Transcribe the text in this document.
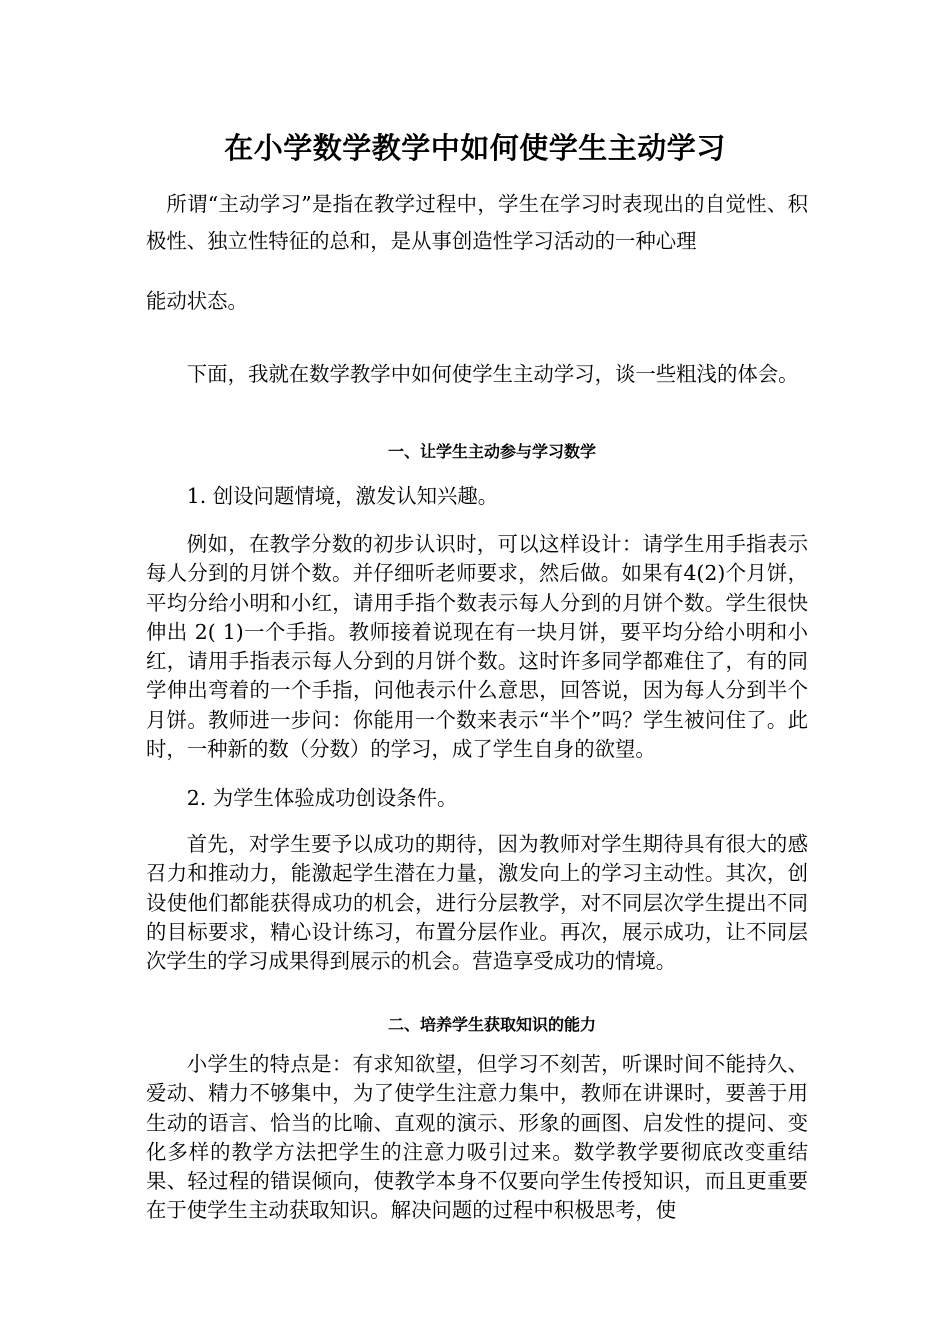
在小学数学教学中如何使学生主动学习

所谓“主动学习”是指在教学过程中，学生在学习时表现出的自觉性、积极性、独立性特征的总和，是从事创造性学习活动的一种心理

能动状态。

下面，我就在数学教学中如何使学生主动学习，谈一些粗浅的体会。

一、让学生主动参与学习数学

1. 创设问题情境，激发认知兴趣。

例如，在教学分数的初步认识时，可以这样设计：请学生用手指表示每人分到的月饼个数。并仔细听老师要求，然后做。如果有4(2)个月饼，平均分给小明和小红，请用手指个数表示每人分到的月饼个数。学生很快伸出 2( 1)一个手指。教师接着说现在有一块月饼，要平均分给小明和小红，请用手指表示每人分到的月饼个数。这时许多同学都难住了，有的同学伸出弯着的一个手指，问他表示什么意思，回答说，因为每人分到半个月饼。教师进一步问：你能用一个数来表示“半个”吗？学生被问住了。此时，一种新的数（分数）的学习，成了学生自身的欲望。

2. 为学生体验成功创设条件。

首先，对学生要予以成功的期待，因为教师对学生期待具有很大的感召力和推动力，能激起学生潜在力量，激发向上的学习主动性。其次，创设使他们都能获得成功的机会，进行分层教学，对不同层次学生提出不同的目标要求，精心设计练习，布置分层作业。再次，展示成功，让不同层次学生的学习成果得到展示的机会。营造享受成功的情境。

二、培养学生获取知识的能力

小学生的特点是：有求知欲望，但学习不刻苦，听课时间不能持久、爱动、精力不够集中，为了使学生注意力集中，教师在讲课时，要善于用生动的语言、恰当的比喻、直观的演示、形象的画图、启发性的提问、变化多样的教学方法把学生的注意力吸引过来。数学教学要彻底改变重结果、轻过程的错误倾向，使教学本身不仅要向学生传授知识，而且更重要在于使学生主动获取知识。解决问题的过程中积极思考，使
